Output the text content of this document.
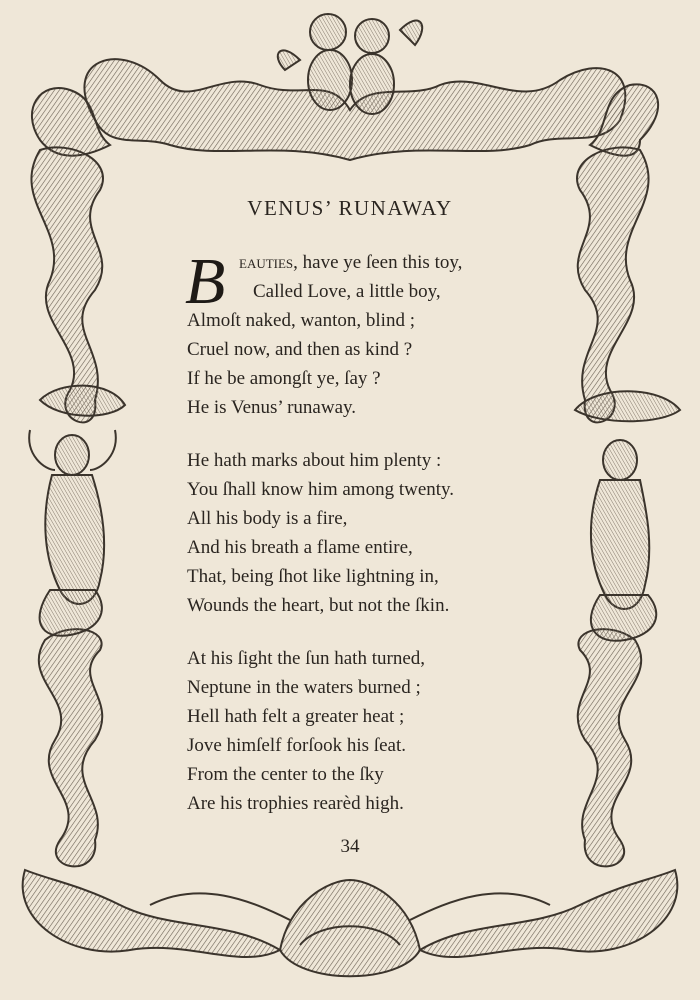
VENUS’ RUNAWAY
B eauties, have ye ſeen this toy,
Called Love, a little boy,
Almoſt naked, wanton, blind ;
Cruel now, and then as kind ?
If he be amongſt ye, ſay ?
He is Venus’ runaway.
He hath marks about him plenty :
You ſhall know him among twenty.
All his body is a fire,
And his breath a flame entire,
That, being ſhot like lightning in,
Wounds the heart, but not the ſkin.
At his ſight the ſun hath turned,
Neptune in the waters burned ;
Hell hath felt a greater heat ;
Jove himſelf forſook his ſeat.
From the center to the ſky
Are his trophies rearèd high.
34
